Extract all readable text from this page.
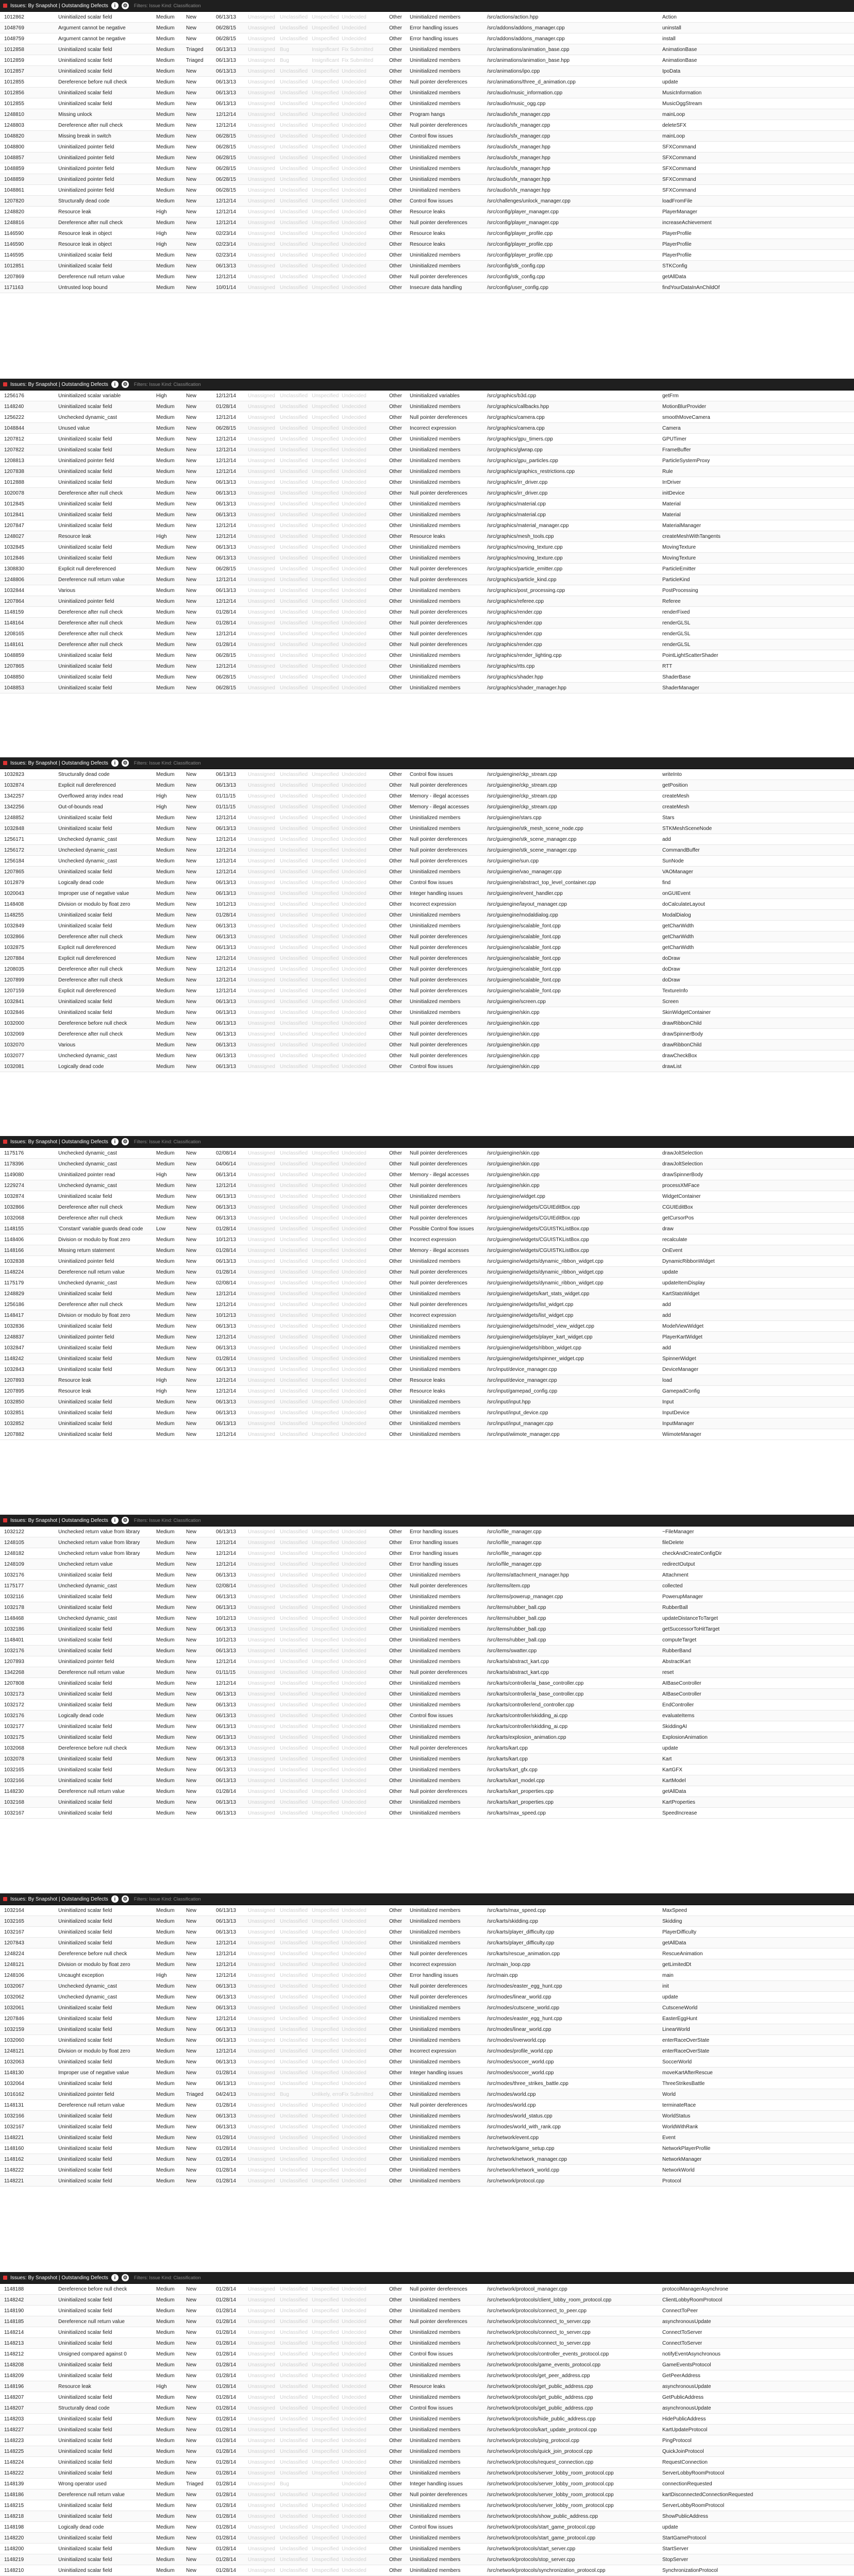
Issues: By Snapshot | Outstanding Defects	i	⚙ Filters: Issue Kind: Classification
1012862	Uninitialized scalar field	Medium	New	06/13/13	Unassigned	Unclassified	Unspecified	Undecided		Other	Uninitialized members	/src/actions/action.hpp	Action
1048769	Argument cannot be negative	Medium	New	06/28/15	Unassigned	Unclassified	Unspecified	Undecided		Other	Error handling issues	/src/addons/addons_manager.cpp	uninstall
1048759	Argument cannot be negative	Medium	New	06/28/15	Unassigned	Unclassified	Unspecified	Undecided		Other	Error handling issues	/src/addons/addons_manager.cpp	install
1012858	Uninitialized scalar field	Medium	Triaged	06/13/13	Unassigned	Bug	Insignificant	Fix Submitted		Other	Uninitialized members	/src/animations/animation_base.cpp	AnimationBase
1012859	Uninitialized scalar field	Medium	Triaged	06/13/13	Unassigned	Bug	Insignificant	Fix Submitted		Other	Uninitialized members	/src/animations/animation_base.hpp	AnimationBase
1012857	Uninitialized scalar field	Medium	New	06/13/13	Unassigned	Unclassified	Unspecified	Undecided		Other	Uninitialized members	/src/animations/ipo.cpp	IpoData
1012855	Dereference before null check	Medium	New	06/13/13	Unassigned	Unclassified	Unspecified	Undecided		Other	Null pointer dereferences	/src/animations/three_d_animation.cpp	update
1012856	Uninitialized scalar field	Medium	New	06/13/13	Unassigned	Unclassified	Unspecified	Undecided		Other	Uninitialized members	/src/audio/music_information.cpp	MusicInformation
1012855	Uninitialized scalar field	Medium	New	06/13/13	Unassigned	Unclassified	Unspecified	Undecided		Other	Uninitialized members	/src/audio/music_ogg.cpp	MusicOggStream
1248810	Missing unlock	Medium	New	12/12/14	Unassigned	Unclassified	Unspecified	Undecided		Other	Program hangs	/src/audio/sfx_manager.cpp	mainLoop
1248803	Dereference after null check	Medium	New	12/12/14	Unassigned	Unclassified	Unspecified	Undecided		Other	Null pointer dereferences	/src/audio/sfx_manager.cpp	deleteSFX
1048820	Missing break in switch	Medium	New	06/28/15	Unassigned	Unclassified	Unspecified	Undecided		Other	Control flow issues	/src/audio/sfx_manager.cpp	mainLoop
1048800	Uninitialized pointer field	Medium	New	06/28/15	Unassigned	Unclassified	Unspecified	Undecided		Other	Uninitialized members	/src/audio/sfx_manager.hpp	SFXCommand
1048857	Uninitialized pointer field	Medium	New	06/28/15	Unassigned	Unclassified	Unspecified	Undecided		Other	Uninitialized members	/src/audio/sfx_manager.hpp	SFXCommand
1048859	Uninitialized pointer field	Medium	New	06/28/15	Unassigned	Unclassified	Unspecified	Undecided		Other	Uninitialized members	/src/audio/sfx_manager.hpp	SFXCommand
1048859	Uninitialized pointer field	Medium	New	06/28/15	Unassigned	Unclassified	Unspecified	Undecided		Other	Uninitialized members	/src/audio/sfx_manager.hpp	SFXCommand
1048861	Uninitialized pointer field	Medium	New	06/28/15	Unassigned	Unclassified	Unspecified	Undecided		Other	Uninitialized members	/src/audio/sfx_manager.hpp	SFXCommand
1207820	Structurally dead code	Medium	New	12/12/14	Unassigned	Unclassified	Unspecified	Undecided		Other	Control flow issues	/src/challenges/unlock_manager.cpp	loadFromFile
1248820	Resource leak	High	New	12/12/14	Unassigned	Unclassified	Unspecified	Undecided		Other	Resource leaks	/src/config/player_manager.cpp	PlayerManager
1248816	Dereference after null check	Medium	New	12/12/14	Unassigned	Unclassified	Unspecified	Undecided		Other	Null pointer dereferences	/src/config/player_manager.cpp	increaseAchievement
1146590	Resource leak in object	High	New	02/23/14	Unassigned	Unclassified	Unspecified	Undecided		Other	Resource leaks	/src/config/player_profile.cpp	PlayerProfile
1146590	Resource leak in object	High	New	02/23/14	Unassigned	Unclassified	Unspecified	Undecided		Other	Resource leaks	/src/config/player_profile.cpp	PlayerProfile
1146595	Uninitialized scalar field	Medium	New	02/23/14	Unassigned	Unclassified	Unspecified	Undecided		Other	Uninitialized members	/src/config/player_profile.cpp	PlayerProfile
1012851	Uninitialized scalar field	Medium	New	06/13/13	Unassigned	Unclassified	Unspecified	Undecided		Other	Uninitialized members	/src/config/stk_config.cpp	STKConfig
1207869	Dereference null return value	Medium	New	12/12/14	Unassigned	Unclassified	Unspecified	Undecided		Other	Null pointer dereferences	/src/config/stk_config.cpp	getAllData
1171163	Untrusted loop bound	Medium	New	10/01/14	Unassigned	Unclassified	Unspecified	Undecided		Other	Insecure data handling	/src/config/user_config.cpp	findYourDataInAnChildOf
Issues: By Snapshot | Outstanding Defects	i	⚙ Filters: Issue Kind: Classification
1256176	Uninitialized scalar variable	High	New	12/12/14	Unassigned	Unclassified	Unspecified	Undecided		Other	Uninitialized variables	/src/graphics/b3d.cpp	getFrm
1148240	Uninitialized scalar field	Medium	New	01/28/14	Unassigned	Unclassified	Unspecified	Undecided		Other	Uninitialized members	/src/graphics/callbacks.hpp	MotionBlurProvider
1256222	Unchecked dynamic_cast	Medium	New	12/12/14	Unassigned	Unclassified	Unspecified	Undecided		Other	Null pointer dereferences	/src/graphics/camera.cpp	smoothMoveCamera
1048844	Unused value	Medium	New	06/28/15	Unassigned	Unclassified	Unspecified	Undecided		Other	Incorrect expression	/src/graphics/camera.cpp	Camera
1207812	Uninitialized scalar field	Medium	New	12/12/14	Unassigned	Unclassified	Unspecified	Undecided		Other	Uninitialized members	/src/graphics/gpu_timers.cpp	GPUTimer
1207822	Uninitialized scalar field	Medium	New	12/12/14	Unassigned	Unclassified	Unspecified	Undecided		Other	Uninitialized members	/src/graphics/glwrap.cpp	FrameBuffer
1208813	Uninitialized pointer field	Medium	New	12/12/14	Unassigned	Unclassified	Unspecified	Undecided		Other	Uninitialized members	/src/graphics/gpu_particles.cpp	ParticleSystemProxy
1207838	Uninitialized scalar field	Medium	New	12/12/14	Unassigned	Unclassified	Unspecified	Undecided		Other	Uninitialized members	/src/graphics/graphics_restrictions.cpp	Rule
1012888	Uninitialized scalar field	Medium	New	06/13/13	Unassigned	Unclassified	Unspecified	Undecided		Other	Uninitialized members	/src/graphics/irr_driver.cpp	IrrDriver
1020078	Dereference after null check	Medium	New	06/13/13	Unassigned	Unclassified	Unspecified	Undecided		Other	Null pointer dereferences	/src/graphics/irr_driver.cpp	initDevice
1012845	Uninitialized scalar field	Medium	New	06/13/13	Unassigned	Unclassified	Unspecified	Undecided		Other	Uninitialized members	/src/graphics/material.cpp	Material
1012841	Uninitialized scalar field	Medium	New	06/13/13	Unassigned	Unclassified	Unspecified	Undecided		Other	Uninitialized members	/src/graphics/material.cpp	Material
1207847	Uninitialized scalar field	Medium	New	12/12/14	Unassigned	Unclassified	Unspecified	Undecided		Other	Uninitialized members	/src/graphics/material_manager.cpp	MaterialManager
1248027	Resource leak	High	New	12/12/14	Unassigned	Unclassified	Unspecified	Undecided		Other	Resource leaks	/src/graphics/mesh_tools.cpp	createMeshWithTangents
1032845	Uninitialized scalar field	Medium	New	06/13/13	Unassigned	Unclassified	Unspecified	Undecided		Other	Uninitialized members	/src/graphics/moving_texture.cpp	MovingTexture
1012846	Uninitialized scalar field	Medium	New	06/13/13	Unassigned	Unclassified	Unspecified	Undecided		Other	Uninitialized members	/src/graphics/moving_texture.cpp	MovingTexture
1308830	Explicit null dereferenced	Medium	New	06/28/15	Unassigned	Unclassified	Unspecified	Undecided		Other	Null pointer dereferences	/src/graphics/particle_emitter.cpp	ParticleEmitter
1248806	Dereference null return value	Medium	New	12/12/14	Unassigned	Unclassified	Unspecified	Undecided		Other	Null pointer dereferences	/src/graphics/particle_kind.cpp	ParticleKind
1032844	Various	Medium	New	06/13/13	Unassigned	Unclassified	Unspecified	Undecided		Other	Uninitialized members	/src/graphics/post_processing.cpp	PostProcessing
1207864	Uninitialized pointer field	Medium	New	12/12/14	Unassigned	Unclassified	Unspecified	Undecided		Other	Uninitialized members	/src/graphics/referee.cpp	Referee
1148159	Dereference after null check	Medium	New	01/28/14	Unassigned	Unclassified	Unspecified	Undecided		Other	Null pointer dereferences	/src/graphics/render.cpp	renderFixed
1148164	Dereference after null check	Medium	New	01/28/14	Unassigned	Unclassified	Unspecified	Undecided		Other	Null pointer dereferences	/src/graphics/render.cpp	renderGLSL
1208165	Dereference after null check	Medium	New	12/12/14	Unassigned	Unclassified	Unspecified	Undecided		Other	Null pointer dereferences	/src/graphics/render.cpp	renderGLSL
1148161	Dereference after null check	Medium	New	01/28/14	Unassigned	Unclassified	Unspecified	Undecided		Other	Null pointer dereferences	/src/graphics/render.cpp	renderGLSL
1048859	Uninitialized scalar field	Medium	New	06/28/15	Unassigned	Unclassified	Unspecified	Undecided		Other	Uninitialized members	/src/graphics/render_lighting.cpp	PointLightScatterShader
1207865	Uninitialized scalar field	Medium	New	12/12/14	Unassigned	Unclassified	Unspecified	Undecided		Other	Uninitialized members	/src/graphics/rtts.cpp	RTT
1048850	Uninitialized scalar field	Medium	New	06/28/15	Unassigned	Unclassified	Unspecified	Undecided		Other	Uninitialized members	/src/graphics/shader.hpp	ShaderBase
1048853	Uninitialized scalar field	Medium	New	06/28/15	Unassigned	Unclassified	Unspecified	Undecided		Other	Uninitialized members	/src/graphics/shader_manager.hpp	ShaderManager
Issues: By Snapshot | Outstanding Defects	i	⚙ Filters: Issue Kind: Classification
1032823	Structurally dead code	Medium	New	06/13/13	Unassigned	Unclassified	Unspecified	Undecided		Other	Control flow issues	/src/guiengine/ckp_stream.cpp	writeInto
1032874	Explicit null dereferenced	Medium	New	06/13/13	Unassigned	Unclassified	Unspecified	Undecided		Other	Null pointer dereferences	/src/guiengine/ckp_stream.cpp	getPosition
1342257	Overflowed array index read	High	New	01/11/15	Unassigned	Unclassified	Unspecified	Undecided		Other	Memory - illegal accesses	/src/guiengine/ckp_stream.cpp	createMesh
1342256	Out-of-bounds read	High	New	01/11/15	Unassigned	Unclassified	Unspecified	Undecided		Other	Memory - illegal accesses	/src/guiengine/ckp_stream.cpp	createMesh
1248852	Uninitialized scalar field	Medium	New	12/12/14	Unassigned	Unclassified	Unspecified	Undecided		Other	Uninitialized members	/src/guiengine/stars.cpp	Stars
1032848	Uninitialized scalar field	Medium	New	06/13/13	Unassigned	Unclassified	Unspecified	Undecided		Other	Uninitialized members	/src/guiengine/stk_mesh_scene_node.cpp	STKMeshSceneNode
1256171	Unchecked dynamic_cast	Medium	New	12/12/14	Unassigned	Unclassified	Unspecified	Undecided		Other	Null pointer dereferences	/src/guiengine/stk_scene_manager.cpp	add
1256172	Unchecked dynamic_cast	Medium	New	12/12/14	Unassigned	Unclassified	Unspecified	Undecided		Other	Null pointer dereferences	/src/guiengine/stk_scene_manager.cpp	CommandBuffer
1256184	Unchecked dynamic_cast	Medium	New	12/12/14	Unassigned	Unclassified	Unspecified	Undecided		Other	Null pointer dereferences	/src/guiengine/sun.cpp	SunNode
1207865	Uninitialized scalar field	Medium	New	12/12/14	Unassigned	Unclassified	Unspecified	Undecided		Other	Uninitialized members	/src/guiengine/vao_manager.cpp	VAOManager
1012879	Logically dead code	Medium	New	06/13/13	Unassigned	Unclassified	Unspecified	Undecided		Other	Control flow issues	/src/guiengine/abstract_top_level_container.cpp	find
1020043	Improper use of negative value	Medium	New	06/13/13	Unassigned	Unclassified	Unspecified	Undecided		Other	Integer handling issues	/src/guiengine/event_handler.cpp	onGUIEvent
1148408	Division or modulo by float zero	Medium	New	10/12/13	Unassigned	Unclassified	Unspecified	Undecided		Other	Incorrect expression	/src/guiengine/layout_manager.cpp	doCalculateLayout
1148255	Uninitialized scalar field	Medium	New	01/28/14	Unassigned	Unclassified	Unspecified	Undecided		Other	Uninitialized members	/src/guiengine/modaldialog.cpp	ModalDialog
1032849	Uninitialized scalar field	Medium	New	06/13/13	Unassigned	Unclassified	Unspecified	Undecided		Other	Uninitialized members	/src/guiengine/scalable_font.cpp	getCharWidth
1032866	Dereference after null check	Medium	New	06/13/13	Unassigned	Unclassified	Unspecified	Undecided		Other	Null pointer dereferences	/src/guiengine/scalable_font.cpp	getCharWidth
1032875	Explicit null dereferenced	Medium	New	06/13/13	Unassigned	Unclassified	Unspecified	Undecided		Other	Null pointer dereferences	/src/guiengine/scalable_font.cpp	getCharWidth
1207884	Explicit null dereferenced	Medium	New	12/12/14	Unassigned	Unclassified	Unspecified	Undecided		Other	Null pointer dereferences	/src/guiengine/scalable_font.cpp	doDraw
1208035	Dereference after null check	Medium	New	12/12/14	Unassigned	Unclassified	Unspecified	Undecided		Other	Null pointer dereferences	/src/guiengine/scalable_font.cpp	doDraw
1207899	Dereference after null check	Medium	New	12/12/14	Unassigned	Unclassified	Unspecified	Undecided		Other	Null pointer dereferences	/src/guiengine/scalable_font.cpp	doDraw
1207159	Explicit null dereferenced	Medium	New	12/12/14	Unassigned	Unclassified	Unspecified	Undecided		Other	Null pointer dereferences	/src/guiengine/scalable_font.cpp	TextureInfo
1032841	Uninitialized scalar field	Medium	New	06/13/13	Unassigned	Unclassified	Unspecified	Undecided		Other	Uninitialized members	/src/guiengine/screen.cpp	Screen
1032846	Uninitialized scalar field	Medium	New	06/13/13	Unassigned	Unclassified	Unspecified	Undecided		Other	Uninitialized members	/src/guiengine/skin.cpp	SkinWidgetContainer
1032000	Dereference before null check	Medium	New	06/13/13	Unassigned	Unclassified	Unspecified	Undecided		Other	Null pointer dereferences	/src/guiengine/skin.cpp	drawRibbonChild
1032069	Dereference after null check	Medium	New	06/13/13	Unassigned	Unclassified	Unspecified	Undecided		Other	Null pointer dereferences	/src/guiengine/skin.cpp	drawSpinnerBody
1032070	Various	Medium	New	06/13/13	Unassigned	Unclassified	Unspecified	Undecided		Other	Null pointer dereferences	/src/guiengine/skin.cpp	drawRibbonChild
1032077	Unchecked dynamic_cast	Medium	New	06/13/13	Unassigned	Unclassified	Unspecified	Undecided		Other	Null pointer dereferences	/src/guiengine/skin.cpp	drawCheckBox
1032081	Logically dead code	Medium	New	06/13/13	Unassigned	Unclassified	Unspecified	Undecided		Other	Control flow issues	/src/guiengine/skin.cpp	drawList
Issues: By Snapshot | Outstanding Defects	i	⚙ Filters: Issue Kind: Classification
1175176	Unchecked dynamic_cast	Medium	New	02/08/14	Unassigned	Unclassified	Unspecified	Undecided		Other	Null pointer dereferences	/src/guiengine/skin.cpp	drawJoltSelection
1178396	Unchecked dynamic_cast	Medium	New	04/06/14	Unassigned	Unclassified	Unspecified	Undecided		Other	Null pointer dereferences	/src/guiengine/skin.cpp	drawJoltSelection
1149080	Uninitialized pointer read	High	New	06/13/14	Unassigned	Unclassified	Unspecified	Undecided		Other	Memory - illegal accesses	/src/guiengine/skin.cpp	drawSpinnerBody
1229274	Unchecked dynamic_cast	Medium	New	12/12/14	Unassigned	Unclassified	Unspecified	Undecided		Other	Null pointer dereferences	/src/guiengine/skin.cpp	processXMFace
1032874	Uninitialized scalar field	Medium	New	06/13/13	Unassigned	Unclassified	Unspecified	Undecided		Other	Uninitialized members	/src/guiengine/widget.cpp	WidgetContainer
1032866	Dereference after null check	Medium	New	06/13/13	Unassigned	Unclassified	Unspecified	Undecided		Other	Null pointer dereferences	/src/guiengine/widgets/CGUIEditBox.cpp	CGUIEditBox
1032068	Dereference after null check	Medium	New	06/13/13	Unassigned	Unclassified	Unspecified	Undecided		Other	Null pointer dereferences	/src/guiengine/widgets/CGUIEditBox.cpp	getCursorPos
1148155	'Constant' variable guards dead code	Low	New	01/28/14	Unassigned	Unclassified	Unspecified	Undecided		Other	Possible Control flow issues	/src/guiengine/widgets/CGUISTKListBox.cpp	draw
1148406	Division or modulo by float zero	Medium	New	10/12/13	Unassigned	Unclassified	Unspecified	Undecided		Other	Incorrect expression	/src/guiengine/widgets/CGUISTKListBox.cpp	recalculate
1148166	Missing return statement	Medium	New	01/28/14	Unassigned	Unclassified	Unspecified	Undecided		Other	Memory - illegal accesses	/src/guiengine/widgets/CGUISTKListBox.cpp	OnEvent
1032838	Uninitialized pointer field	Medium	New	06/13/13	Unassigned	Unclassified	Unspecified	Undecided		Other	Uninitialized members	/src/guiengine/widgets/dynamic_ribbon_widget.cpp	DynamicRibbonWidget
1148224	Dereference null return value	Medium	New	01/28/14	Unassigned	Unclassified	Unspecified	Undecided		Other	Null pointer dereferences	/src/guiengine/widgets/dynamic_ribbon_widget.cpp	update
1175179	Unchecked dynamic_cast	Medium	New	02/08/14	Unassigned	Unclassified	Unspecified	Undecided		Other	Null pointer dereferences	/src/guiengine/widgets/dynamic_ribbon_widget.cpp	updateItemDisplay
1248829	Uninitialized scalar field	Medium	New	12/12/14	Unassigned	Unclassified	Unspecified	Undecided		Other	Uninitialized members	/src/guiengine/widgets/kart_stats_widget.cpp	KartStatsWidget
1256186	Dereference after null check	Medium	New	12/12/14	Unassigned	Unclassified	Unspecified	Undecided		Other	Null pointer dereferences	/src/guiengine/widgets/list_widget.cpp	add
1148417	Division or modulo by float zero	Medium	New	10/12/13	Unassigned	Unclassified	Unspecified	Undecided		Other	Incorrect expression	/src/guiengine/widgets/list_widget.cpp	add
1032836	Uninitialized scalar field	Medium	New	06/13/13	Unassigned	Unclassified	Unspecified	Undecided		Other	Uninitialized members	/src/guiengine/widgets/model_view_widget.cpp	ModelViewWidget
1248837	Uninitialized pointer field	Medium	New	12/12/14	Unassigned	Unclassified	Unspecified	Undecided		Other	Uninitialized members	/src/guiengine/widgets/player_kart_widget.cpp	PlayerKartWidget
1032847	Uninitialized scalar field	Medium	New	06/13/13	Unassigned	Unclassified	Unspecified	Undecided		Other	Uninitialized members	/src/guiengine/widgets/ribbon_widget.cpp	add
1148242	Uninitialized scalar field	Medium	New	01/28/14	Unassigned	Unclassified	Unspecified	Undecided		Other	Uninitialized members	/src/guiengine/widgets/spinner_widget.cpp	SpinnerWidget
1032843	Uninitialized scalar field	Medium	New	06/13/13	Unassigned	Unclassified	Unspecified	Undecided		Other	Uninitialized members	/src/input/device_manager.cpp	DeviceManager
1207893	Resource leak	High	New	12/12/14	Unassigned	Unclassified	Unspecified	Undecided		Other	Resource leaks	/src/input/device_manager.cpp	load
1207895	Resource leak	High	New	12/12/14	Unassigned	Unclassified	Unspecified	Undecided		Other	Resource leaks	/src/input/gamepad_config.cpp	GamepadConfig
1032850	Uninitialized scalar field	Medium	New	06/13/13	Unassigned	Unclassified	Unspecified	Undecided		Other	Uninitialized members	/src/input/input.hpp	Input
1032851	Uninitialized scalar field	Medium	New	06/13/13	Unassigned	Unclassified	Unspecified	Undecided		Other	Uninitialized members	/src/input/input_device.cpp	InputDevice
1032852	Uninitialized scalar field	Medium	New	06/13/13	Unassigned	Unclassified	Unspecified	Undecided		Other	Uninitialized members	/src/input/input_manager.cpp	InputManager
1207882	Uninitialized scalar field	Medium	New	12/12/14	Unassigned	Unclassified	Unspecified	Undecided		Other	Uninitialized members	/src/input/wiimote_manager.cpp	WiimoteManager
Issues: By Snapshot | Outstanding Defects	i	⚙ Filters: Issue Kind: Classification
1032122	Unchecked return value from library	Medium	New	06/13/13	Unassigned	Unclassified	Unspecified	Undecided		Other	Error handling issues	/src/io/file_manager.cpp	~FileManager
1248105	Unchecked return value from library	Medium	New	12/12/14	Unassigned	Unclassified	Unspecified	Undecided		Other	Error handling issues	/src/io/file_manager.cpp	fileDelete
1248182	Unchecked return value from library	Medium	New	12/12/14	Unassigned	Unclassified	Unspecified	Undecided		Other	Error handling issues	/src/io/file_manager.cpp	checkAndCreateConfigDir
1248109	Unchecked return value	Medium	New	12/12/14	Unassigned	Unclassified	Unspecified	Undecided		Other	Error handling issues	/src/io/file_manager.cpp	redirectOutput
1032176	Uninitialized scalar field	Medium	New	06/13/13	Unassigned	Unclassified	Unspecified	Undecided		Other	Uninitialized members	/src/items/attachment_manager.hpp	Attachment
1175177	Unchecked dynamic_cast	Medium	New	02/08/14	Unassigned	Unclassified	Unspecified	Undecided		Other	Null pointer dereferences	/src/items/item.cpp	collected
1032116	Uninitialized scalar field	Medium	New	06/13/13	Unassigned	Unclassified	Unspecified	Undecided		Other	Uninitialized members	/src/items/powerup_manager.cpp	PowerupManager
1032178	Uninitialized scalar field	Medium	New	06/13/13	Unassigned	Unclassified	Unspecified	Undecided		Other	Uninitialized members	/src/items/rubber_ball.cpp	RubberBall
1148468	Unchecked dynamic_cast	Medium	New	10/12/13	Unassigned	Unclassified	Unspecified	Undecided		Other	Null pointer dereferences	/src/items/rubber_ball.cpp	updateDistanceToTarget
1032186	Uninitialized scalar field	Medium	New	06/13/13	Unassigned	Unclassified	Unspecified	Undecided		Other	Uninitialized members	/src/items/rubber_ball.cpp	getSuccessorToHitTarget
1148401	Uninitialized scalar field	Medium	New	10/12/13	Unassigned	Unclassified	Unspecified	Undecided		Other	Uninitialized members	/src/items/rubber_ball.cpp	computeTarget
1032176	Uninitialized scalar field	Medium	New	06/13/13	Unassigned	Unclassified	Unspecified	Undecided		Other	Uninitialized members	/src/items/swatter.cpp	RubberBand
1207893	Uninitialized pointer field	Medium	New	12/12/14	Unassigned	Unclassified	Unspecified	Undecided		Other	Uninitialized members	/src/karts/abstract_kart.cpp	AbstractKart
1342268	Dereference null return value	Medium	New	01/11/15	Unassigned	Unclassified	Unspecified	Undecided		Other	Null pointer dereferences	/src/karts/abstract_kart.cpp	reset
1207808	Uninitialized scalar field	Medium	New	12/12/14	Unassigned	Unclassified	Unspecified	Undecided		Other	Uninitialized members	/src/karts/controller/ai_base_controller.cpp	AIBaseController
1032173	Uninitialized scalar field	Medium	New	06/13/13	Unassigned	Unclassified	Unspecified	Undecided		Other	Uninitialized members	/src/karts/controller/ai_base_controller.cpp	AIBaseController
1032172	Uninitialized scalar field	Medium	New	06/13/13	Unassigned	Unclassified	Unspecified	Undecided		Other	Uninitialized members	/src/karts/controller/end_controller.cpp	EndController
1032176	Logically dead code	Medium	New	06/13/13	Unassigned	Unclassified	Unspecified	Undecided		Other	Control flow issues	/src/karts/controller/skidding_ai.cpp	evaluateItems
1032177	Uninitialized scalar field	Medium	New	06/13/13	Unassigned	Unclassified	Unspecified	Undecided		Other	Uninitialized members	/src/karts/controller/skidding_ai.cpp	SkiddingAI
1032175	Uninitialized scalar field	Medium	New	06/13/13	Unassigned	Unclassified	Unspecified	Undecided		Other	Uninitialized members	/src/karts/explosion_animation.cpp	ExplosionAnimation
1032068	Dereference before null check	Medium	New	06/13/13	Unassigned	Unclassified	Unspecified	Undecided		Other	Null pointer dereferences	/src/karts/kart.cpp	update
1032078	Uninitialized scalar field	Medium	New	06/13/13	Unassigned	Unclassified	Unspecified	Undecided		Other	Uninitialized members	/src/karts/kart.cpp	Kart
1032165	Uninitialized scalar field	Medium	New	06/13/13	Unassigned	Unclassified	Unspecified	Undecided		Other	Uninitialized members	/src/karts/kart_gfx.cpp	KartGFX
1032166	Uninitialized scalar field	Medium	New	06/13/13	Unassigned	Unclassified	Unspecified	Undecided		Other	Uninitialized members	/src/karts/kart_model.cpp	KartModel
1148230	Dereference null return value	Medium	New	01/28/14	Unassigned	Unclassified	Unspecified	Undecided		Other	Null pointer dereferences	/src/karts/kart_properties.cpp	getAllData
1032168	Uninitialized scalar field	Medium	New	06/13/13	Unassigned	Unclassified	Unspecified	Undecided		Other	Uninitialized members	/src/karts/kart_properties.cpp	KartProperties
1032167	Uninitialized scalar field	Medium	New	06/13/13	Unassigned	Unclassified	Unspecified	Undecided		Other	Uninitialized members	/src/karts/max_speed.cpp	SpeedIncrease
Issues: By Snapshot | Outstanding Defects	i	⚙ Filters: Issue Kind: Classification
1032164	Uninitialized scalar field	Medium	New	06/13/13	Unassigned	Unclassified	Unspecified	Undecided		Other	Uninitialized members	/src/karts/max_speed.cpp	MaxSpeed
1032165	Uninitialized scalar field	Medium	New	06/13/13	Unassigned	Unclassified	Unspecified	Undecided		Other	Uninitialized members	/src/karts/skidding.cpp	Skidding
1032167	Uninitialized scalar field	Medium	New	06/13/13	Unassigned	Unclassified	Unspecified	Undecided		Other	Uninitialized members	/src/karts/player_difficulty.cpp	PlayerDifficulty
1207843	Uninitialized scalar field	Medium	New	12/12/14	Unassigned	Unclassified	Unspecified	Undecided		Other	Uninitialized members	/src/karts/player_difficulty.cpp	getAllData
1248224	Dereference before null check	Medium	New	12/12/14	Unassigned	Unclassified	Unspecified	Undecided		Other	Null pointer dereferences	/src/karts/rescue_animation.cpp	RescueAnimation
1248121	Division or modulo by float zero	Medium	New	12/12/14	Unassigned	Unclassified	Unspecified	Undecided		Other	Incorrect expression	/src/main_loop.cpp	getLimitedDt
1248106	Uncaught exception	High	New	12/12/14	Unassigned	Unclassified	Unspecified	Undecided		Other	Error handling issues	/src/main.cpp	main
1032067	Unchecked dynamic_cast	Medium	New	06/13/13	Unassigned	Unclassified	Unspecified	Undecided		Other	Null pointer dereferences	/src/modes/easter_egg_hunt.cpp	init
1032062	Unchecked dynamic_cast	Medium	New	06/13/13	Unassigned	Unclassified	Unspecified	Undecided		Other	Null pointer dereferences	/src/modes/linear_world.cpp	update
1032061	Uninitialized scalar field	Medium	New	06/13/13	Unassigned	Unclassified	Unspecified	Undecided		Other	Uninitialized members	/src/modes/cutscene_world.cpp	CutsceneWorld
1207846	Uninitialized scalar field	Medium	New	12/12/14	Unassigned	Unclassified	Unspecified	Undecided		Other	Uninitialized members	/src/modes/easter_egg_hunt.cpp	EasterEggHunt
1032159	Uninitialized scalar field	Medium	New	06/13/13	Unassigned	Unclassified	Unspecified	Undecided		Other	Uninitialized members	/src/modes/linear_world.cpp	LinearWorld
1032060	Uninitialized scalar field	Medium	New	06/13/13	Unassigned	Unclassified	Unspecified	Undecided		Other	Uninitialized members	/src/modes/overworld.cpp	enterRaceOverState
1248121	Division or modulo by float zero	Medium	New	12/12/14	Unassigned	Unclassified	Unspecified	Undecided		Other	Incorrect expression	/src/modes/profile_world.cpp	enterRaceOverState
1032063	Uninitialized scalar field	Medium	New	06/13/13	Unassigned	Unclassified	Unspecified	Undecided		Other	Uninitialized members	/src/modes/soccer_world.cpp	SoccerWorld
1148130	Improper use of negative value	Medium	New	01/28/14	Unassigned	Unclassified	Unspecified	Undecided		Other	Integer handling issues	/src/modes/soccer_world.cpp	moveKartAfterRescue
1032064	Uninitialized scalar field	Medium	New	06/13/13	Unassigned	Unclassified	Unspecified	Undecided		Other	Uninitialized members	/src/modes/three_strikes_battle.cpp	ThreeStrikesBattle
1016162	Uninitialized pointer field	Medium	Triaged	04/24/13	Unassigned	Bug	Unlikely, error	Fix Submitted		Other	Uninitialized members	/src/modes/world.cpp	World
1148131	Dereference null return value	Medium	New	01/28/14	Unassigned	Unclassified	Unspecified	Undecided		Other	Null pointer dereferences	/src/modes/world.cpp	terminateRace
1032166	Uninitialized scalar field	Medium	New	06/13/13	Unassigned	Unclassified	Unspecified	Undecided		Other	Uninitialized members	/src/modes/world_status.cpp	WorldStatus
1032167	Uninitialized scalar field	Medium	New	06/13/13	Unassigned	Unclassified	Unspecified	Undecided		Other	Uninitialized members	/src/modes/world_with_rank.cpp	WorldWithRank
1148221	Uninitialized scalar field	Medium	New	01/28/14	Unassigned	Unclassified	Unspecified	Undecided		Other	Uninitialized members	/src/network/event.cpp	Event
1148160	Uninitialized scalar field	Medium	New	01/28/14	Unassigned	Unclassified	Unspecified	Undecided		Other	Uninitialized members	/src/network/game_setup.cpp	NetworkPlayerProfile
1148162	Uninitialized scalar field	Medium	New	01/28/14	Unassigned	Unclassified	Unspecified	Undecided		Other	Uninitialized members	/src/network/network_manager.cpp	NetworkManager
1148222	Uninitialized scalar field	Medium	New	01/28/14	Unassigned	Unclassified	Unspecified	Undecided		Other	Uninitialized members	/src/network/network_world.cpp	NetworkWorld
1148221	Uninitialized scalar field	Medium	New	01/28/14	Unassigned	Unclassified	Unspecified	Undecided		Other	Uninitialized members	/src/network/protocol.cpp	Protocol
Issues: By Snapshot | Outstanding Defects	i	⚙ Filters: Issue Kind: Classification
1148188	Dereference before null check	Medium	New	01/28/14	Unassigned	Unclassified	Unspecified	Undecided		Other	Null pointer dereferences	/src/network/protocol_manager.cpp	protocolManagerAsynchrone
1148242	Uninitialized scalar field	Medium	New	01/28/14	Unassigned	Unclassified	Unspecified	Undecided		Other	Uninitialized members	/src/network/protocols/client_lobby_room_protocol.cpp	ClientLobbyRoomProtocol
1148190	Uninitialized scalar field	Medium	New	01/28/14	Unassigned	Unclassified	Unspecified	Undecided		Other	Uninitialized members	/src/network/protocols/connect_to_peer.cpp	ConnectToPeer
1148185	Dereference null return value	Medium	New	01/28/14	Unassigned	Unclassified	Unspecified	Undecided		Other	Null pointer dereferences	/src/network/protocols/connect_to_server.cpp	asynchronousUpdate
1148214	Uninitialized scalar field	Medium	New	01/28/14	Unassigned	Unclassified	Unspecified	Undecided		Other	Uninitialized members	/src/network/protocols/connect_to_server.cpp	ConnectToServer
1148213	Uninitialized scalar field	Medium	New	01/28/14	Unassigned	Unclassified	Unspecified	Undecided		Other	Uninitialized members	/src/network/protocols/connect_to_server.cpp	ConnectToServer
1148212	Unsigned compared against 0	Medium	New	01/28/14	Unassigned	Unclassified	Unspecified	Undecided		Other	Control flow issues	/src/network/protocols/controller_events_protocol.cpp	notifyEventAsynchronous
1148208	Uninitialized scalar field	Medium	New	01/28/14	Unassigned	Unclassified	Unspecified	Undecided		Other	Uninitialized members	/src/network/protocols/game_events_protocol.cpp	GameEventsProtocol
1148209	Uninitialized scalar field	Medium	New	01/28/14	Unassigned	Unclassified	Unspecified	Undecided		Other	Uninitialized members	/src/network/protocols/get_peer_address.cpp	GetPeerAddress
1148196	Resource leak	High	New	01/28/14	Unassigned	Unclassified	Unspecified	Undecided		Other	Resource leaks	/src/network/protocols/get_public_address.cpp	asynchronousUpdate
1148207	Uninitialized scalar field	Medium	New	01/28/14	Unassigned	Unclassified	Unspecified	Undecided		Other	Uninitialized members	/src/network/protocols/get_public_address.cpp	GetPublicAddress
1148207	Structurally dead code	Medium	New	01/28/14	Unassigned	Unclassified	Unspecified	Undecided		Other	Control flow issues	/src/network/protocols/get_public_address.cpp	asynchronousUpdate
1148203	Uninitialized scalar field	Medium	New	01/28/14	Unassigned	Unclassified	Unspecified	Undecided		Other	Uninitialized members	/src/network/protocols/hide_public_address.cpp	HidePublicAddress
1148227	Uninitialized scalar field	Medium	New	01/28/14	Unassigned	Unclassified	Unspecified	Undecided		Other	Uninitialized members	/src/network/protocols/kart_update_protocol.cpp	KartUpdateProtocol
1148223	Uninitialized scalar field	Medium	New	01/28/14	Unassigned	Unclassified	Unspecified	Undecided		Other	Uninitialized members	/src/network/protocols/ping_protocol.cpp	PingProtocol
1148225	Uninitialized scalar field	Medium	New	01/28/14	Unassigned	Unclassified	Unspecified	Undecided		Other	Uninitialized members	/src/network/protocols/quick_join_protocol.cpp	QuickJoinProtocol
1148224	Uninitialized scalar field	Medium	New	01/28/14	Unassigned	Unclassified	Unspecified	Undecided		Other	Uninitialized members	/src/network/protocols/request_connection.cpp	RequestConnection
1148222	Uninitialized scalar field	Medium	New	01/28/14	Unassigned	Unclassified	Unspecified	Undecided		Other	Uninitialized members	/src/network/protocols/server_lobby_room_protocol.cpp	ServerLobbyRoomProtocol
1148139	Wrong operator used	Medium	Triaged	01/28/14	Unassigned	Bug		Undecided		Other	Integer handling issues	/src/network/protocols/server_lobby_room_protocol.cpp	connectionRequested
1148186	Dereference null return value	Medium	New	01/28/14	Unassigned	Unclassified	Unspecified	Undecided		Other	Null pointer dereferences	/src/network/protocols/server_lobby_room_protocol.cpp	kartDisconnectedConnectionRequested
1148215	Uninitialized scalar field	Medium	New	01/28/14	Unassigned	Unclassified	Unspecified	Undecided		Other	Uninitialized members	/src/network/protocols/server_lobby_room_protocol.cpp	ServerLobbyRoomProtocol
1148218	Uninitialized scalar field	Medium	New	01/28/14	Unassigned	Unclassified	Unspecified	Undecided		Other	Uninitialized members	/src/network/protocols/show_public_address.cpp	ShowPublicAddress
1148198	Logically dead code	Medium	New	01/28/14	Unassigned	Unclassified	Unspecified	Undecided		Other	Control flow issues	/src/network/protocols/start_game_protocol.cpp	update
1148220	Uninitialized scalar field	Medium	New	01/28/14	Unassigned	Unclassified	Unspecified	Undecided		Other	Uninitialized members	/src/network/protocols/start_game_protocol.cpp	StartGameProtocol
1148200	Uninitialized scalar field	Medium	New	01/28/14	Unassigned	Unclassified	Unspecified	Undecided		Other	Uninitialized members	/src/network/protocols/start_server.cpp	StartServer
1148219	Uninitialized scalar field	Medium	New	01/28/14	Unassigned	Unclassified	Unspecified	Undecided		Other	Uninitialized members	/src/network/protocols/stop_server.cpp	StopServer
1148210	Uninitialized scalar field	Medium	New	01/28/14	Unassigned	Unclassified	Unspecified	Undecided		Other	Uninitialized members	/src/network/protocols/synchronization_protocol.cpp	SynchronizationProtocol
